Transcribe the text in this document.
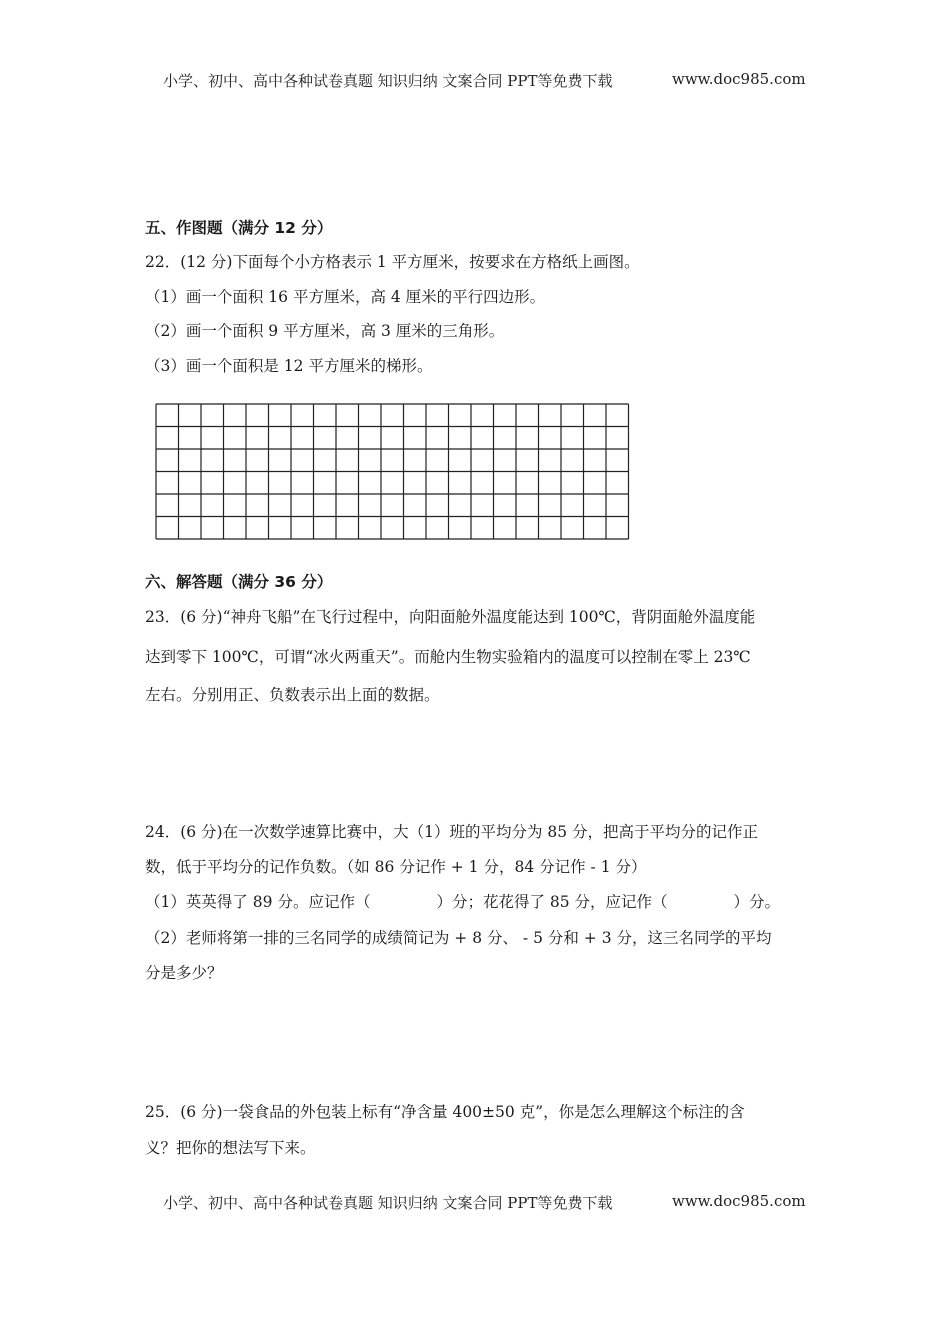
小学、初中、高中各种试卷真题 知识归纳 文案合同 PPT等免费下载	www.doc985.com
五、作图题（满分 12 分）
22．(12 分)下面每个小方格表示 1 平方厘米，按要求在方格纸上画图。
（1）画一个面积 16 平方厘米，高 4 厘米的平行四边形。
（2）画一个面积 9 平方厘米，高 3 厘米的三角形。
（3）画一个面积是 12 平方厘米的梯形。
六、解答题（满分 36 分）
23．(6 分)“神舟飞船”在飞行过程中，向阳面舱外温度能达到 100℃，背阴面舱外温度能
达到零下 100℃，可谓“冰火两重天”。而舱内生物实验箱内的温度可以控制在零上 23℃
左右。分别用正、负数表示出上面的数据。
24．(6 分)在一次数学速算比赛中，大（1）班的平均分为 85 分，把高于平均分的记作正
数，低于平均分的记作负数。（如 86 分记作 + 1 分，84 分记作 - 1 分）
（1）英英得了 89 分。应记作（	）分；花花得了 85 分，应记作（	）分。
（2）老师将第一排的三名同学的成绩简记为 + 8 分、 - 5 分和 + 3 分，这三名同学的平均
分是多少？
25．(6 分)一袋食品的外包装上标有“净含量 400±50 克”，你是怎么理解这个标注的含
义？把你的想法写下来。
小学、初中、高中各种试卷真题 知识归纳 文案合同 PPT等免费下载	www.doc985.com
